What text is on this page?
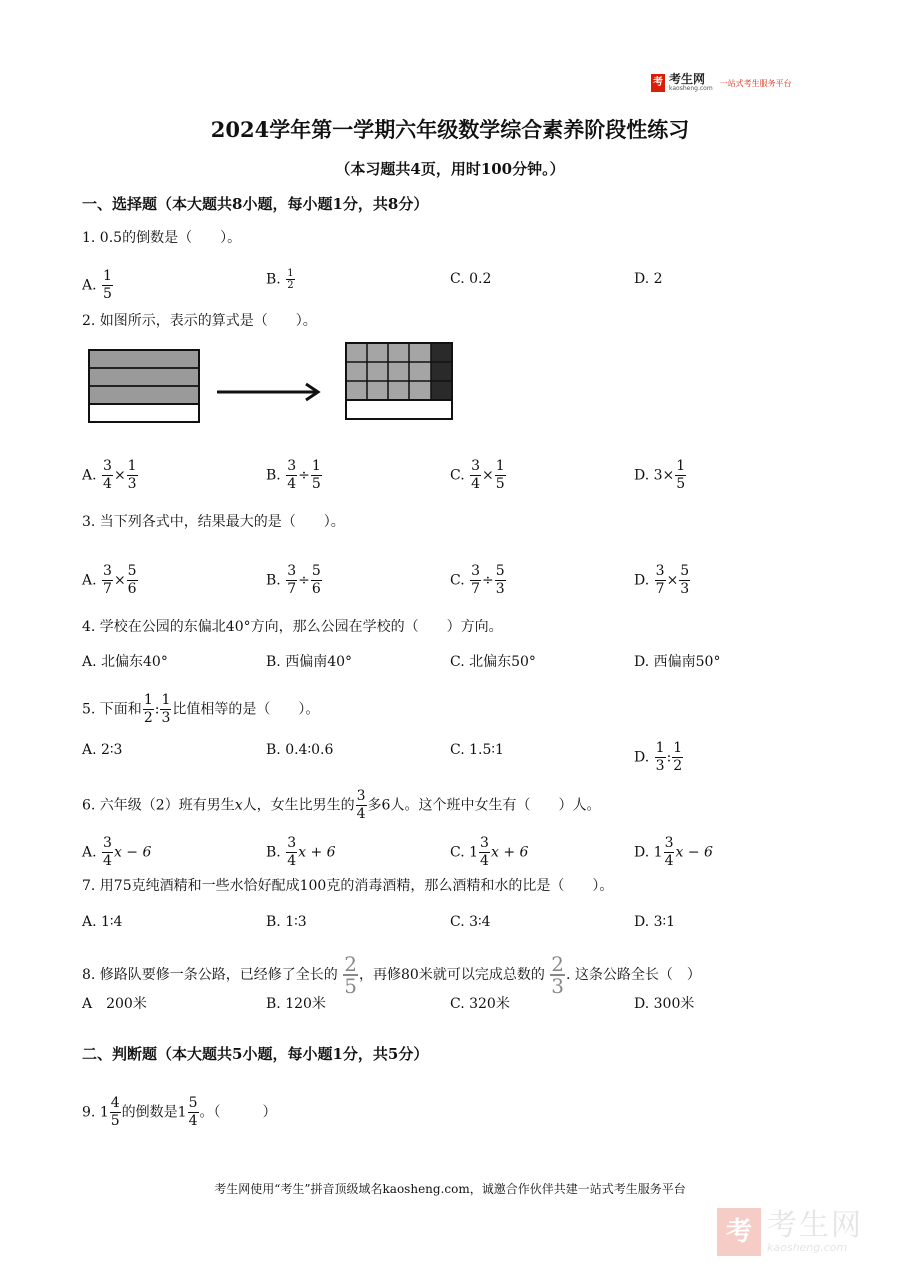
考 考生网
kaosheng.com
一站式考生服务平台
2024学年第一学期六年级数学综合素养阶段性练习
（本习题共4页，用时100分钟。）
一、选择题（本大题共8小题，每小题1分，共8分）
1. 0.5的倒数是（　　）。
A. $\frac{1}{5}$	B. $\frac{1}{2}$	C. 0.2	D. 2
2. 如图所示，表示的算式是（　　）。
A. $\frac{3}{4} \times \frac{1}{3}$	B. $\frac{3}{4} \div \frac{1}{5}$	C. $\frac{3}{4} \times \frac{1}{5}$	D. $3\times \frac{1}{5}$
3. 当下列各式中，结果最大的是（　　）。
A. $\frac{3}{7} \times \frac{5}{6}$	B. $\frac{3}{7} \div \frac{5}{6}$	C. $\frac{3}{7} \div \frac{5}{3}$	D. $\frac{3}{7} \times \frac{5}{3}$
4. 学校在公园的东偏北40°方向，那么公园在学校的（　　）方向。
A. 北偏东40°	B. 西偏南40°	C. 北偏东50°	D. 西偏南50°
5. 下面和 $\frac{1}{2}$ : $\frac{1}{3}$ 比值相等的是（　　）。
A. 2∶3	B. 0.4∶0.6	C. 1.5∶1	D. $\frac{1}{3}$ : $\frac{1}{2}$
6. 六年级（2）班有男生x人，女生比男生的 $\frac{3}{4}$ 多6人。这个班中女生有（　　）人。
A. $\frac{3}{4}$ x − 6	B. $\frac{3}{4}$ x + 6	C. $1 \frac{3}{4}$ x + 6	D. $1 \frac{3}{4}$ x − 6
7. 用75克纯酒精和一些水恰好配成100克的消毒酒精，那么酒精和水的比是（　　）。
A. 1∶4	B. 1∶3	C. 3∶4	D. 3∶1
8. 修路队要修一条公路，已经修了全长的 $\frac{2}{5}$ ，再修80米就可以完成总数的 $\frac{2}{3}$ . 这条公路全长（　）
A　200米	B. 120米	C. 320米	D. 300米
二、判断题（本大题共5小题，每小题1分，共5分）
9. $1 \frac{4}{5}$ 的倒数是$1 \frac{5}{4}$ 。（　　　）
考生网使用“考生”拼音顶级域名kaosheng.com，诚邀合作伙伴共建一站式考生服务平台
考 考生网
kaosheng.com
